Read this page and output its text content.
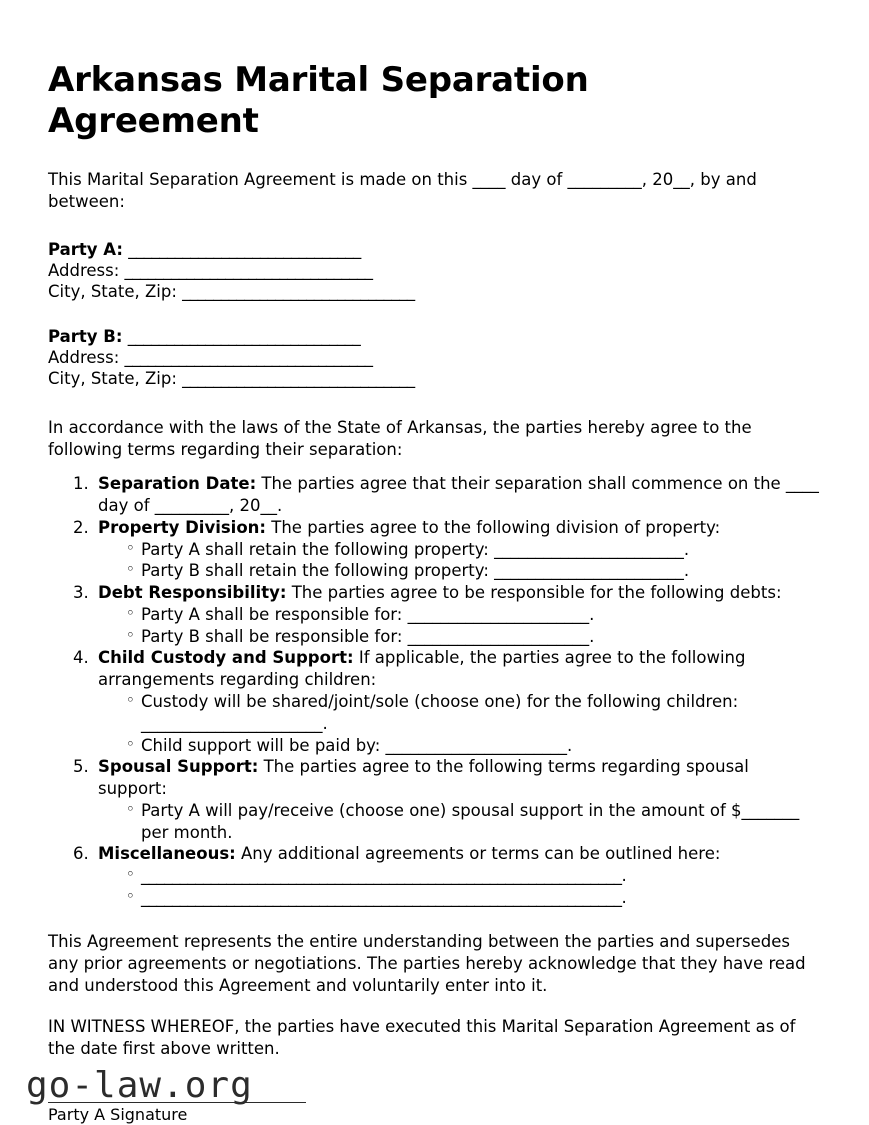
Arkansas Marital Separation Agreement

This Marital Separation Agreement is made on this ____ day of _________, 20__, by and between:

Party A: ______________________________
Address: ________________________________
City, State, Zip: ______________________________
Party B: ______________________________
Address: ________________________________
City, State, Zip: ______________________________

In accordance with the laws of the State of Arkansas, the parties hereby agree to the following terms regarding their separation:

1. Separation Date: The parties agree that their separation shall commence on the ____ day of _________, 20__.
2. Property Division: The parties agree to the following division of property:
◦ Party A shall retain the following property: _______________________.
◦ Party B shall retain the following property: _______________________.
3. Debt Responsibility: The parties agree to be responsible for the following debts:
◦ Party A shall be responsible for: ______________________.
◦ Party B shall be responsible for: ______________________.
4. Child Custody and Support: If applicable, the parties agree to the following arrangements regarding children:
◦ Custody will be shared/joint/sole (choose one) for the following children: ______________________.
◦ Child support will be paid by: ______________________.
5. Spousal Support: The parties agree to the following terms regarding spousal support:
◦ Party A will pay/receive (choose one) spousal support in the amount of $_______ per month.
6. Miscellaneous: Any additional agreements or terms can be outlined here:
◦ ______________________________________________________________.
◦ ______________________________________________________________.

This Agreement represents the entire understanding between the parties and supersedes any prior agreements or negotiations. The parties hereby acknowledge that they have read and understood this Agreement and voluntarily enter into it.

IN WITNESS WHEREOF, the parties have executed this Marital Separation Agreement as of the date first above written.

Party A Signature
go-law.org
